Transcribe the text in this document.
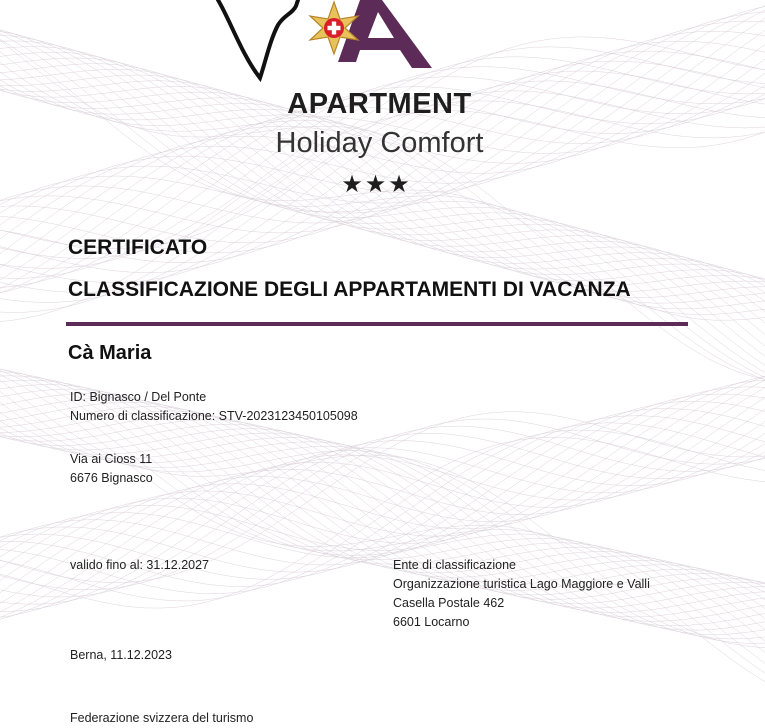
APARTMENT
Holiday Comfort
★★★
CERTIFICATO
CLASSIFICAZIONE DEGLI APPARTAMENTI DI VACANZA
Cà Maria
ID: Bignasco / Del Ponte
Numero di classificazione: STV-2023123450105098
Via ai Cioss 11
6676 Bignasco
valido fino al: 31.12.2027	Ente di classificazione
Organizzazione turistica Lago Maggiore e Valli
Casella Postale 462
6601 Locarno
Berna, 11.12.2023
Federazione svizzera del turismo
